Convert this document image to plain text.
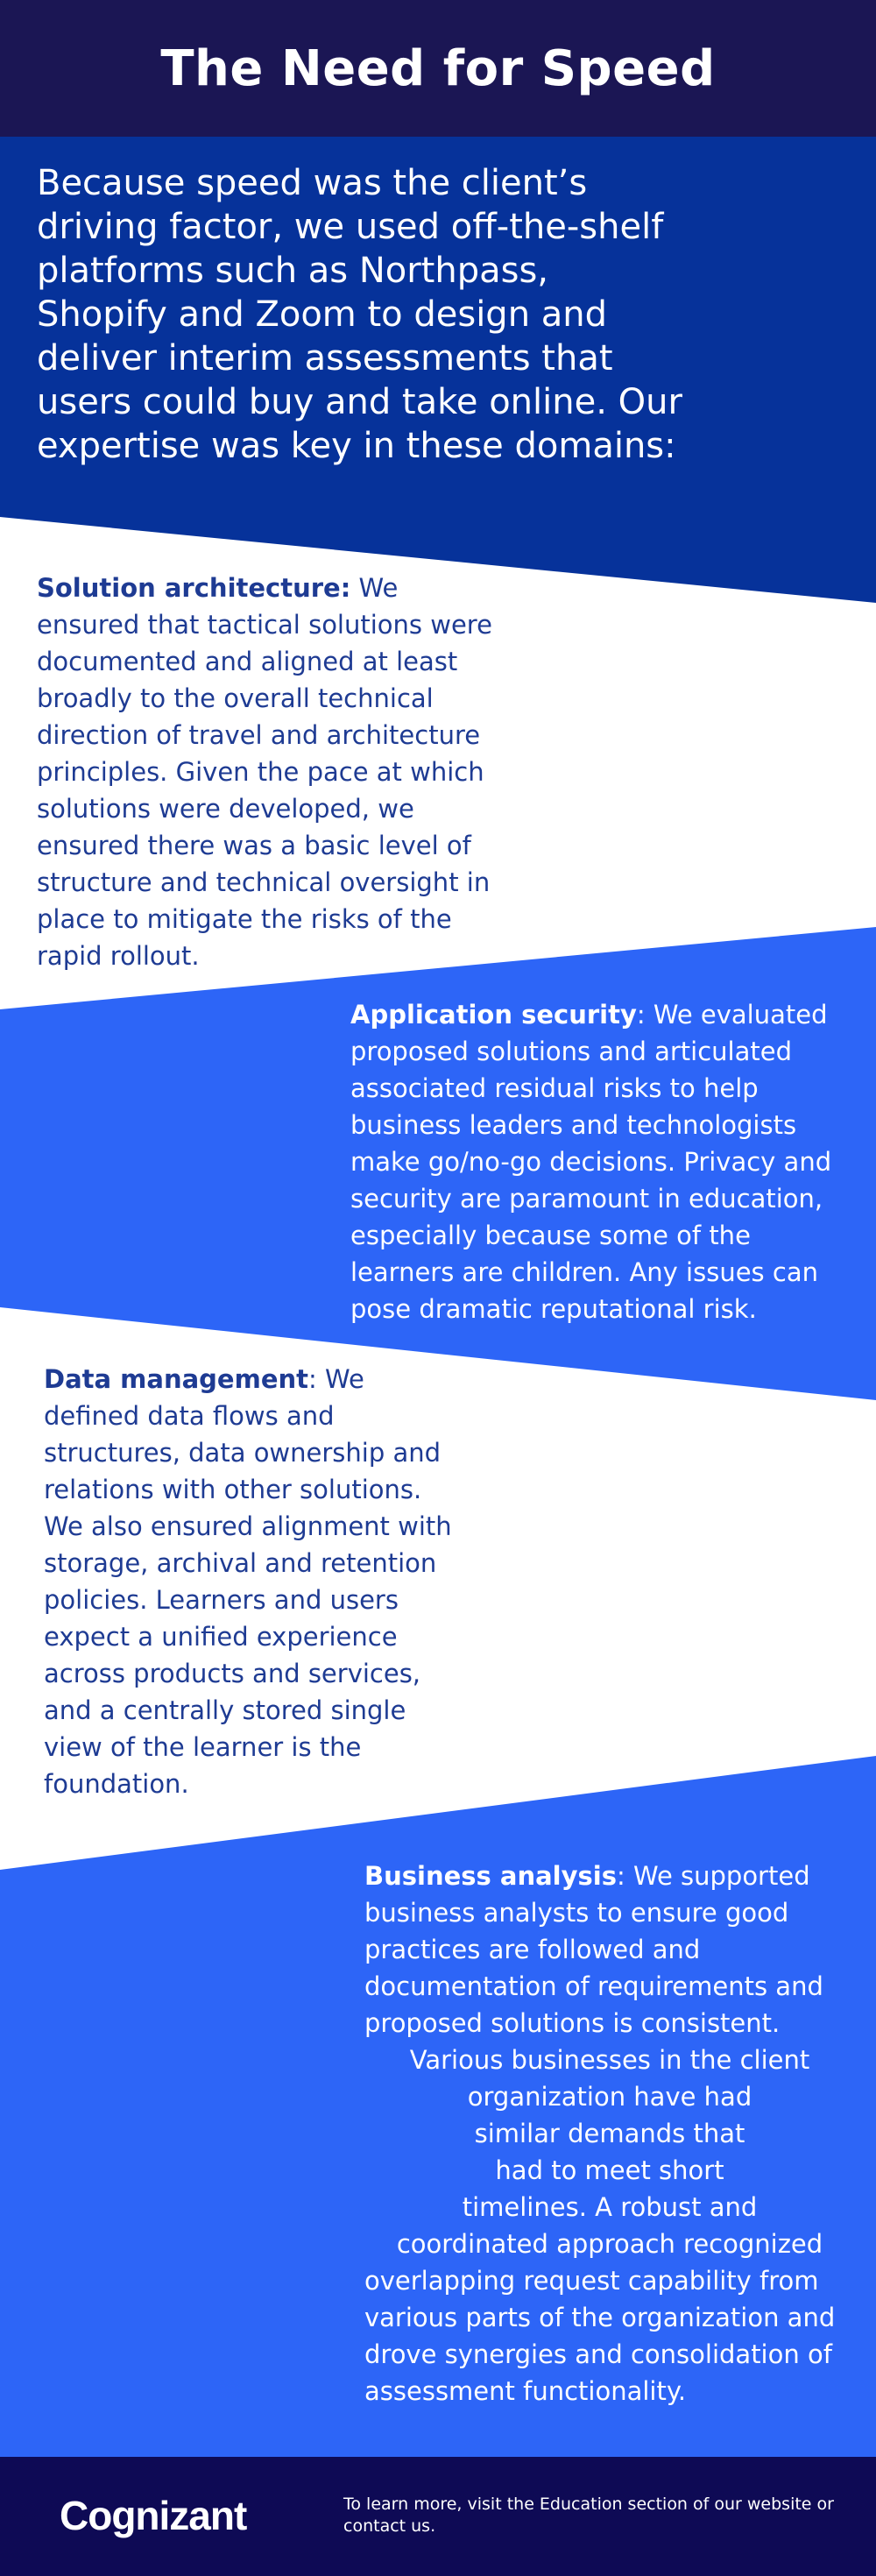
The Need for Speed

Because speed was the client’s driving factor, we used off-the-shelf platforms such as Northpass, Shopify and Zoom to design and deliver interim assessments that users could buy and take online. Our expertise was key in these domains:

Solution architecture: We ensured that tactical solutions were documented and aligned at least broadly to the overall technical direction of travel and architecture principles. Given the pace at which solutions were developed, we ensured there was a basic level of structure and technical oversight in place to mitigate the risks of the rapid rollout.

Application security: We evaluated proposed solutions and articulated associated residual risks to help business leaders and technologists make go/no-go decisions. Privacy and security are paramount in education, especially because some of the learners are children. Any issues can pose dramatic reputational risk.

Data management: We defined data flows and structures, data ownership and relations with other solutions. We also ensured alignment with storage, archival and retention policies. Learners and users expect a unified experience across products and services, and a centrally stored single view of the learner is the foundation.

Business analysis: We supported business analysts to ensure good practices are followed and documentation of requirements and proposed solutions is consistent.

Various businesses in the client
organization have had
similar demands that
had to meet short
timelines. A robust and
coordinated approach recognized

overlapping request capability from various parts of the organization and drove synergies and consolidation of assessment functionality.

Cognizant	To learn more, visit the Education section of our website or contact us.
